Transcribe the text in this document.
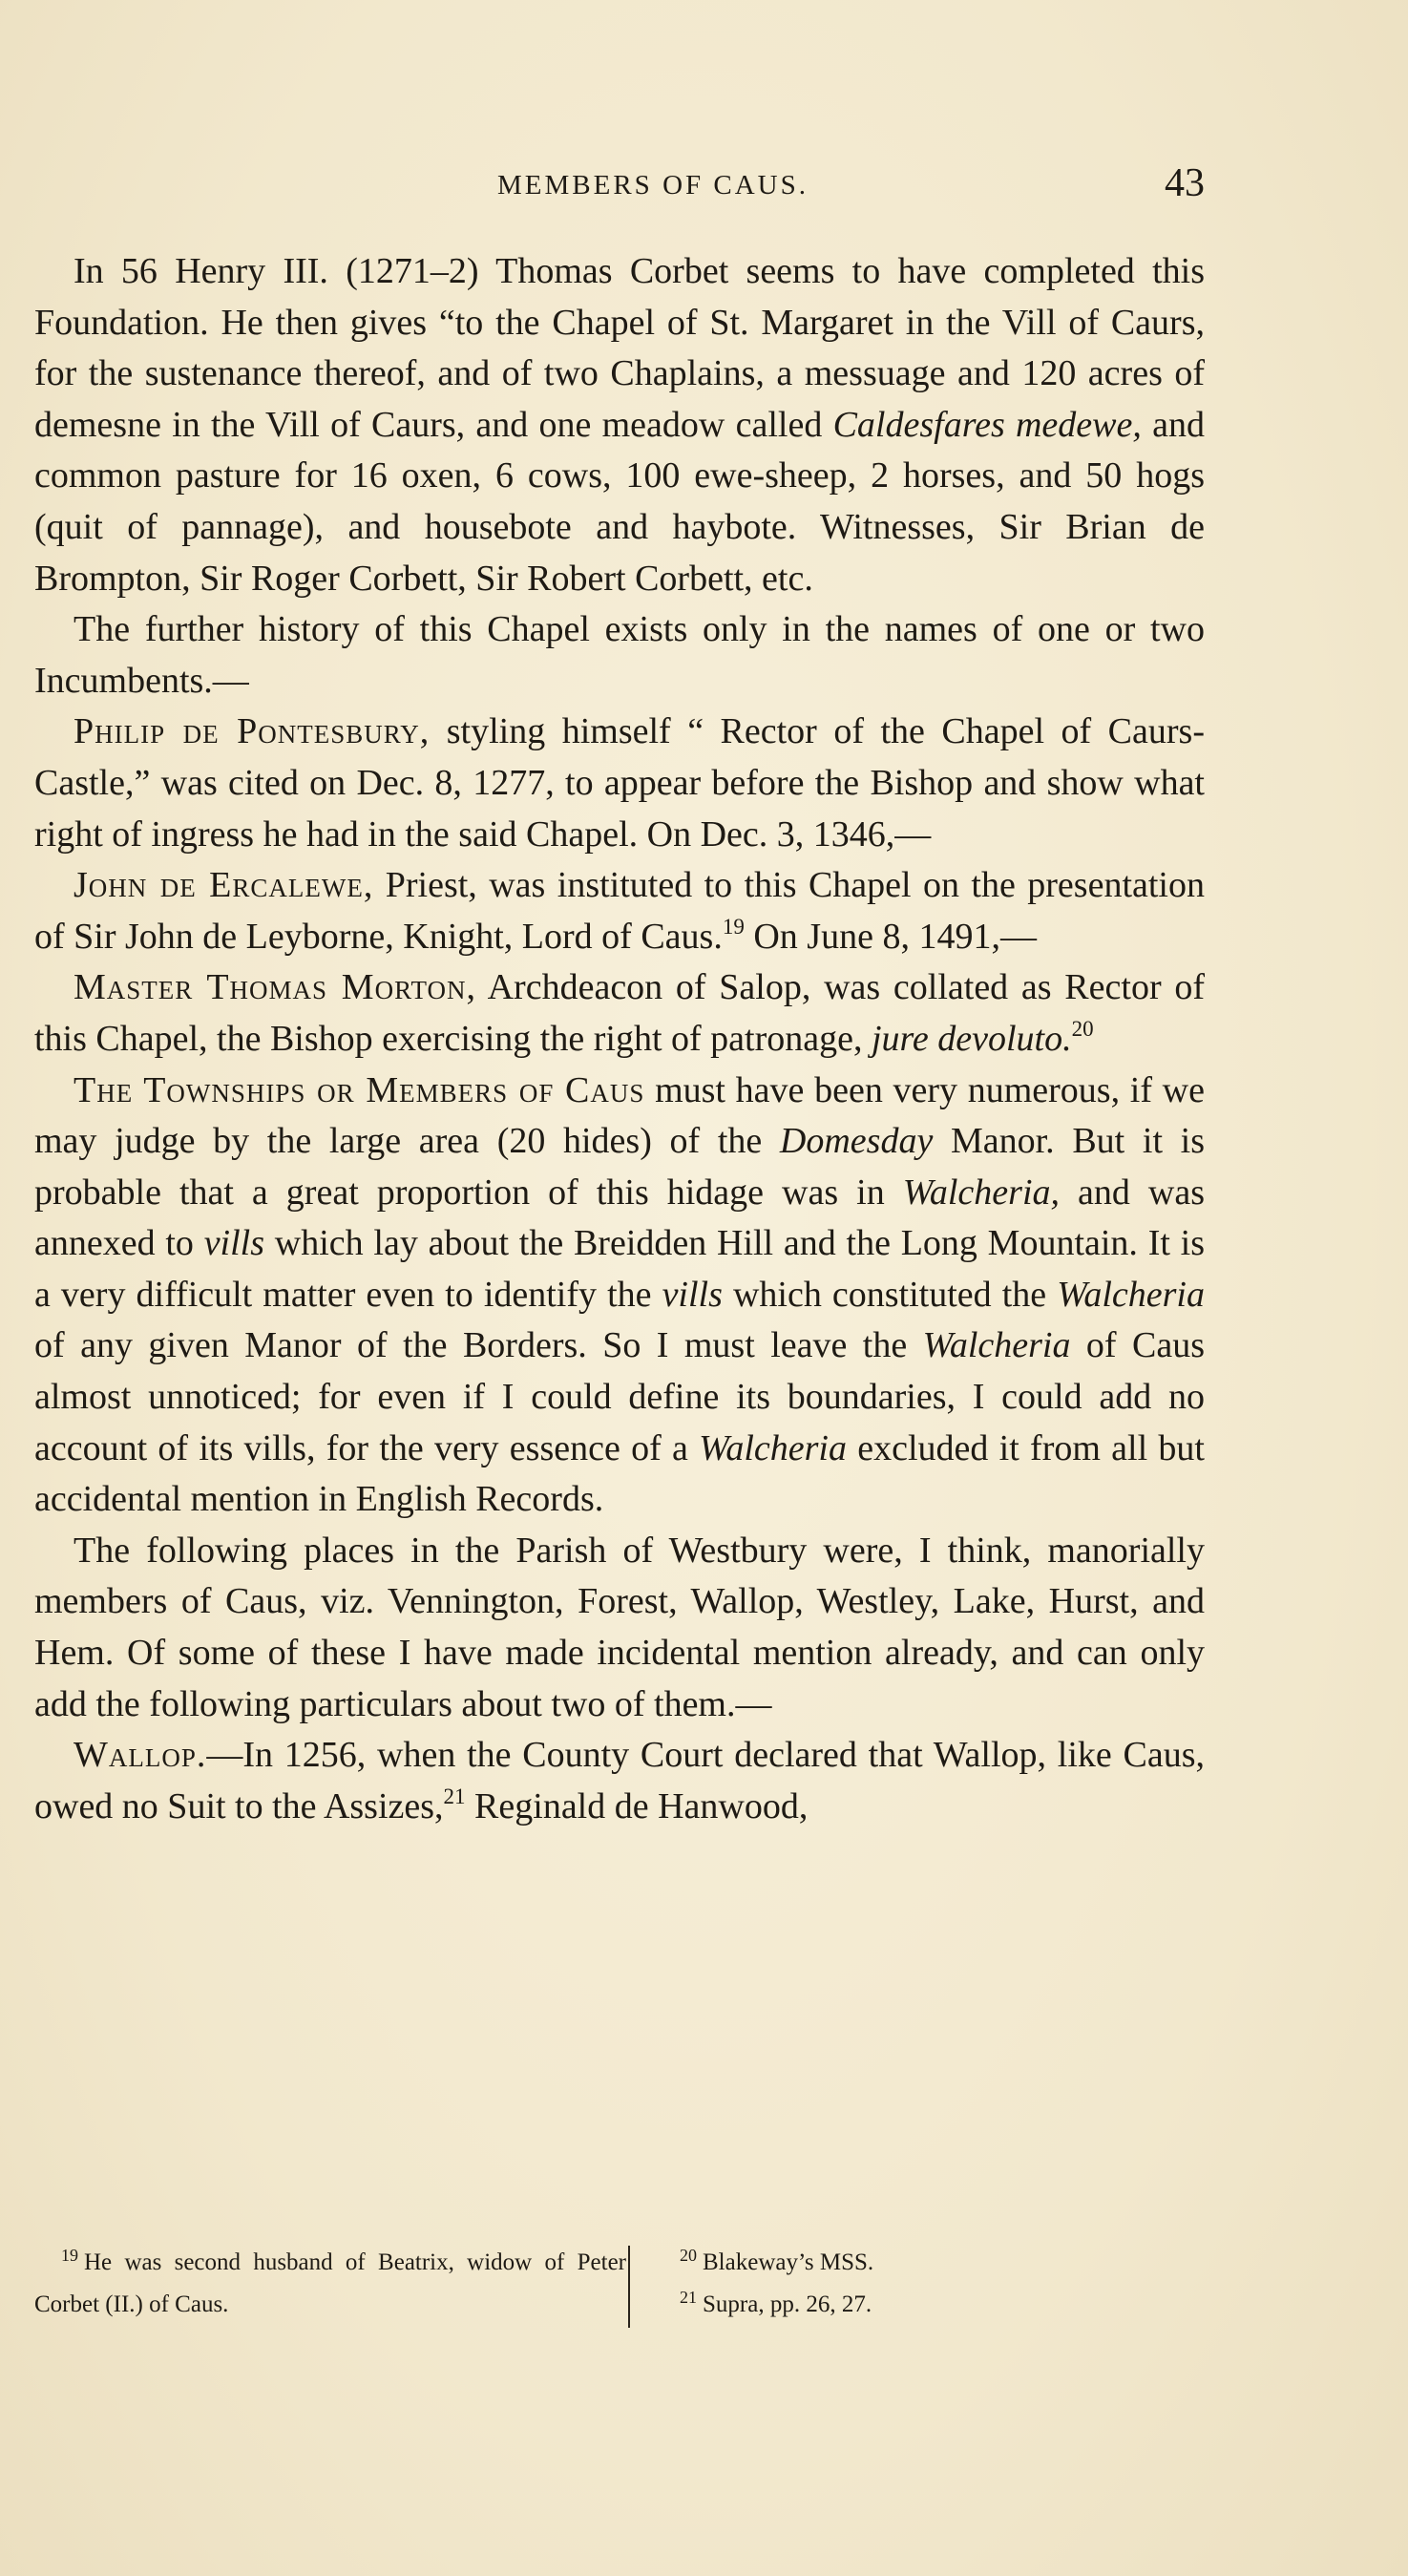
MEMBERS OF CAUS.	43

In 56 Henry III. (1271–2) Thomas Corbet seems to have completed this Foundation. He then gives “to the Chapel of St. Margaret in the Vill of Caurs, for the sustenance thereof, and of two Chaplains, a messuage and 120 acres of demesne in the Vill of Caurs, and one meadow called Caldesfares medewe, and common pasture for 16 oxen, 6 cows, 100 ewe-sheep, 2 horses, and 50 hogs (quit of pannage), and housebote and haybote. Witnesses, Sir Brian de Brompton, Sir Roger Corbett, Sir Robert Corbett, etc.

The further history of this Chapel exists only in the names of one or two Incumbents.—

Philip de Pontesbury, styling himself “ Rector of the Chapel of Caurs-Castle,” was cited on Dec. 8, 1277, to appear before the Bishop and show what right of ingress he had in the said Chapel. On Dec. 3, 1346,—

John de Ercalewe, Priest, was instituted to this Chapel on the presentation of Sir John de Leyborne, Knight, Lord of Caus.$^{19}$ On June 8, 1491,—

Master Thomas Morton, Archdeacon of Salop, was collated as Rector of this Chapel, the Bishop exercising the right of patronage, jure devoluto.$^{20}$

The Townships or Members of Caus must have been very numerous, if we may judge by the large area (20 hides) of the Domesday Manor. But it is probable that a great proportion of this hidage was in Walcheria, and was annexed to vills which lay about the Breidden Hill and the Long Mountain. It is a very difficult matter even to identify the vills which constituted the Walcheria of any given Manor of the Borders. So I must leave the Walcheria of Caus almost unnoticed; for even if I could define its boundaries, I could add no account of its vills, for the very essence of a Walcheria excluded it from all but accidental mention in English Records.

The following places in the Parish of Westbury were, I think, manorially members of Caus, viz. Vennington, Forest, Wallop, Westley, Lake, Hurst, and Hem. Of some of these I have made incidental mention already, and can only add the following particulars about two of them.—

Wallop.—In 1256, when the County Court declared that Wallop, like Caus, owed no Suit to the Assizes,$^{21}$ Reginald de Hanwood,

$^{19}$ He was second husband of Beatrix, widow of Peter Corbet (II.) of Caus.
$^{20}$ Blakeway’s MSS.
$^{21}$ Supra, pp. 26, 27.
